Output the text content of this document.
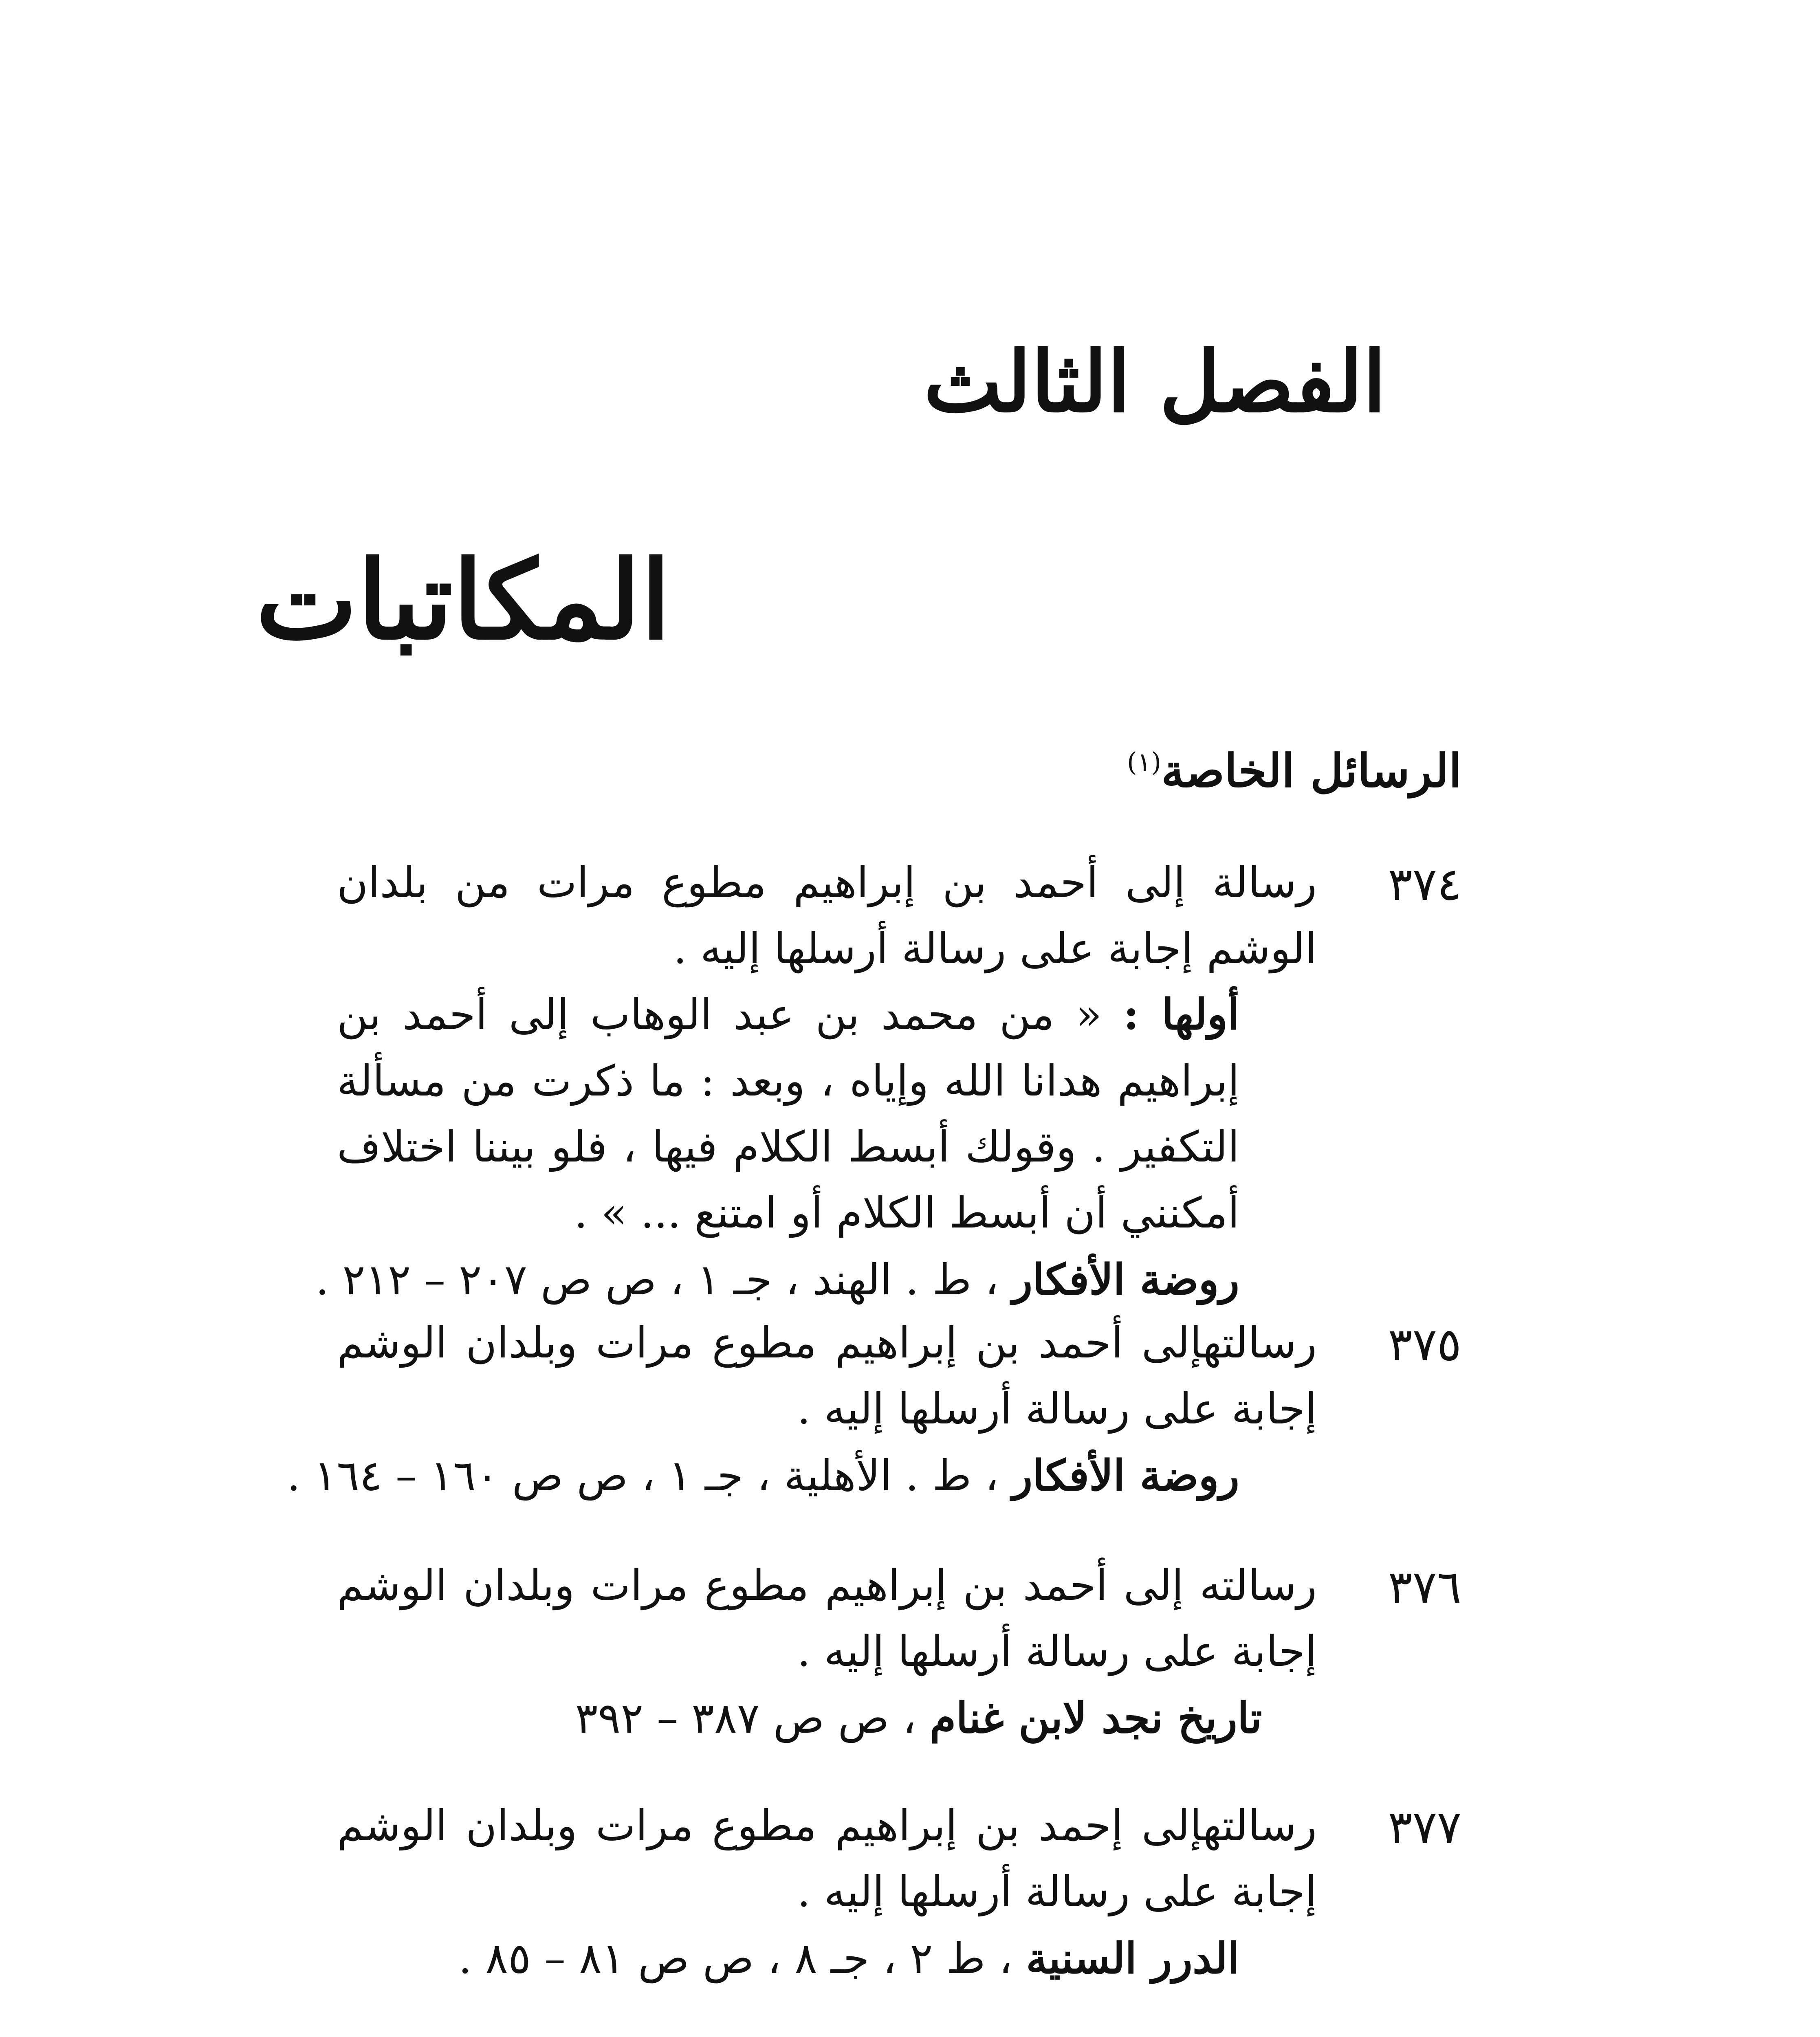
الفصل الثالث
المكاتبات
الرسائل الخاصة$^{(١)}$
٣٧٤

رسالة إلى أحمد بن إبراهيم مطوع مرات من بلدان الوشم إجابة على رسالة أرسلها إليه .

أولها : « من محمد بن عبد الوهاب إلى أحمد بن إبراهيم هدانا الله وإياه ، وبعد : ما ذكرت من مسألة التكفير . وقولك أبسط الكلام فيها ، فلو بيننا اختلاف أمكنني أن أبسط الكلام أو امتنع ... » .

روضة الأفكار ، ط . الهند ، جـ ١ ، ص ص ٢٠٧ – ٢١٢ .

٣٧٥

رسالتهإلى أحمد بن إبراهيم مطوع مرات وبلدان الوشم إجابة على رسالة أرسلها إليه .

روضة الأفكار ، ط . الأهلية ، جـ ١ ، ص ص ١٦٠ – ١٦٤ .

٣٧٦

رسالته إلى أحمد بن إبراهيم مطوع مرات وبلدان الوشم إجابة على رسالة أرسلها إليه .

تاريخ نجد لابن غنام ، ص ص ٣٨٧ – ٣٩٢

٣٧٧

رسالتهإلى إحمد بن إبراهيم مطوع مرات وبلدان الوشم إجابة على رسالة أرسلها إليه .

الدرر السنية ، ط ٢ ، جـ ٨ ، ص ص ٨١ – ٨٥ .
